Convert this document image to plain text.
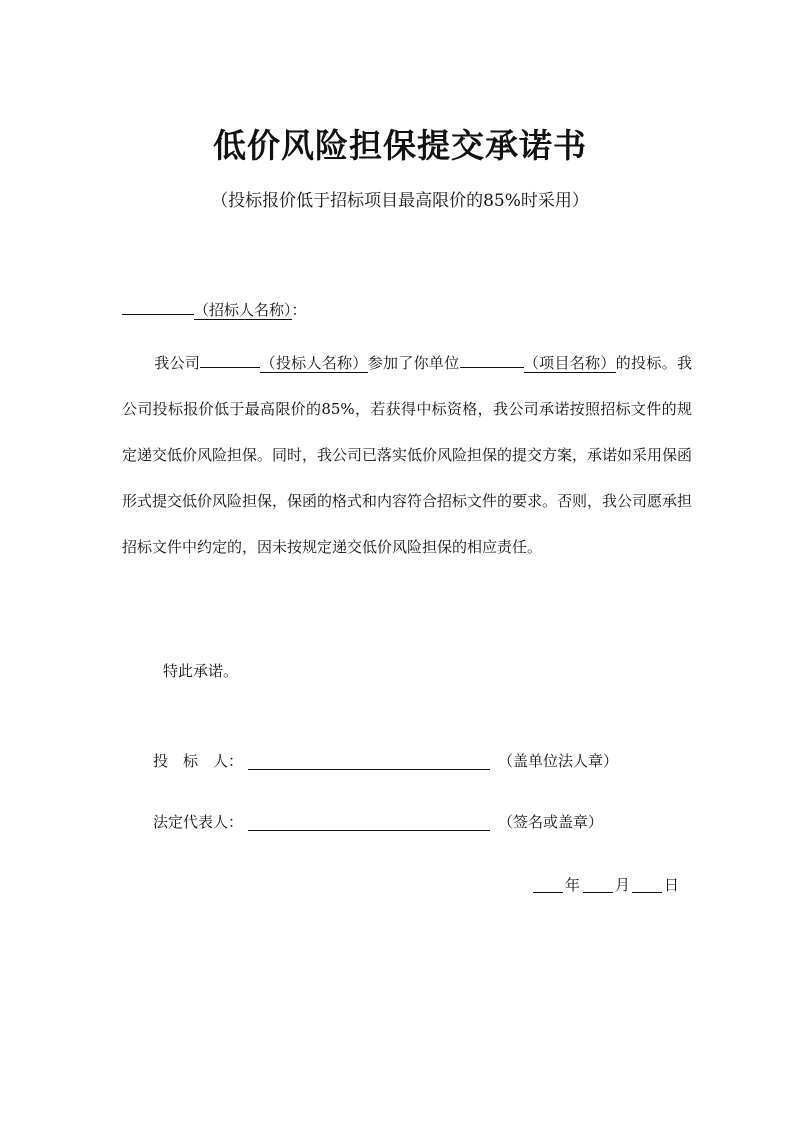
低价风险担保提交承诺书
（投标报价低于招标项目最高限价的85%时采用）
（招标人名称）：
我公司	（投标人名称）参加了你单位	（项目名称）的投标。我公司投标报价低于最高限价的85%，若获得中标资格，我公司承诺按照招标文件的规定递交低价风险担保。同时，我公司已落实低价风险担保的提交方案，承诺如采用保函形式提交低价风险担保，保函的格式和内容符合招标文件的要求。否则，我公司愿承担招标文件中约定的，因未按规定递交低价风险担保的相应责任。
特此承诺。
投　标　人：	（盖单位法人章）
法定代表人：	（签名或盖章）
年 月 日
